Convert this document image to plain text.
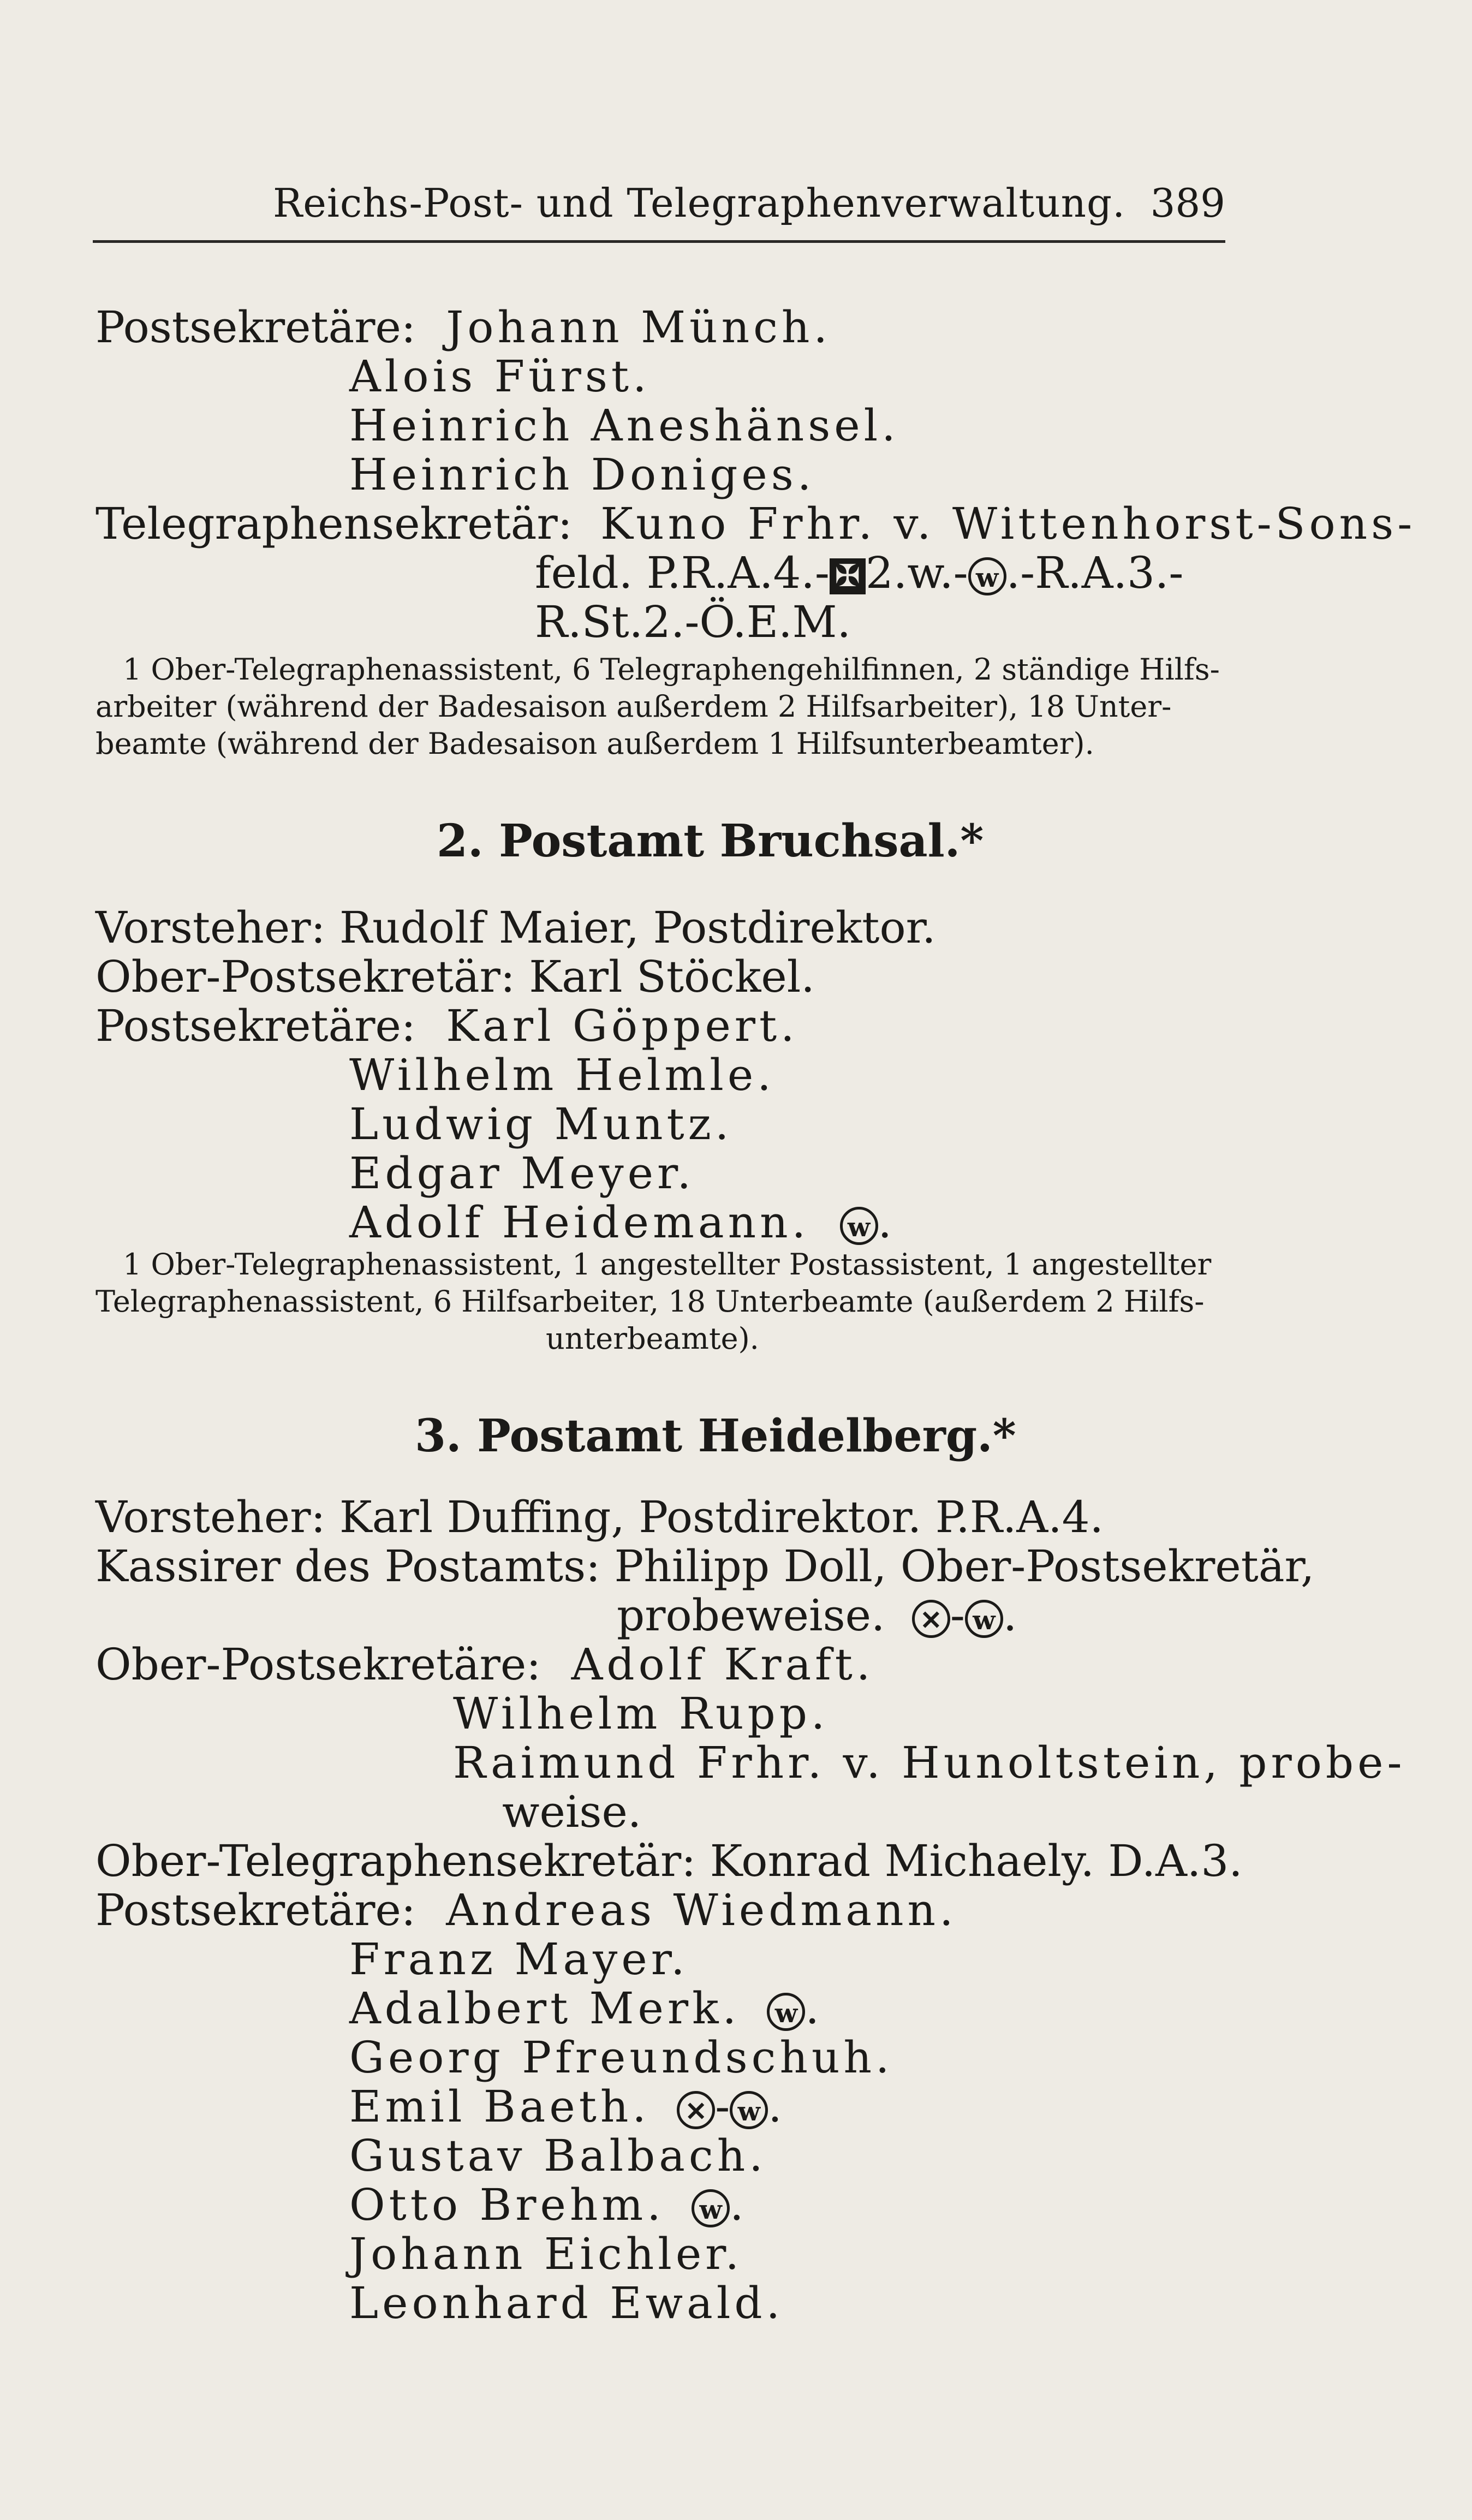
Reichs-Post- und Telegraphenverwaltung. 389
Postsekretäre: Johann Münch.
Alois Fürst.
Heinrich Aneshänsel.
Heinrich Doniges.
Telegraphensekretär: Kuno Frhr. v. Wittenhorst-Sons-
feld. P.R.A.4.- ✠ 2.w.- w .-R.A.3.-
R.St.2.-Ö.E.M.
1 Ober-Telegraphenassistent, 6 Telegraphengehilfinnen, 2 ständige Hilfs-
arbeiter (während der Badesaison außerdem 2 Hilfsarbeiter), 18 Unter-
beamte (während der Badesaison außerdem 1 Hilfsunterbeamter).
2. Postamt Bruchsal.*
Vorsteher: Rudolf Maier, Postdirektor.
Ober-Postsekretär: Karl Stöckel.
Postsekretäre: Karl Göppert.
Wilhelm Helmle.
Ludwig Muntz.
Edgar Meyer.
Adolf Heidemann. w .
1 Ober-Telegraphenassistent, 1 angestellter Postassistent, 1 angestellter
Telegraphenassistent, 6 Hilfsarbeiter, 18 Unterbeamte (außerdem 2 Hilfs-
unterbeamte).
3. Postamt Heidelberg.*
Vorsteher: Karl Duffing, Postdirektor. P.R.A.4.
Kassirer des Postamts: Philipp Doll, Ober-Postsekretär,
probeweise. ✕ - w .
Ober-Postsekretäre: Adolf Kraft.
Wilhelm Rupp.
Raimund Frhr. v. Hunoltstein, probe-
weise.
Ober-Telegraphensekretär: Konrad Michaely. D.A.3.
Postsekretäre: Andreas Wiedmann.
Franz Mayer.
Adalbert Merk. w .
Georg Pfreundschuh.
Emil Baeth. ✕ - w .
Gustav Balbach.
Otto Brehm. w .
Johann Eichler.
Leonhard Ewald.
